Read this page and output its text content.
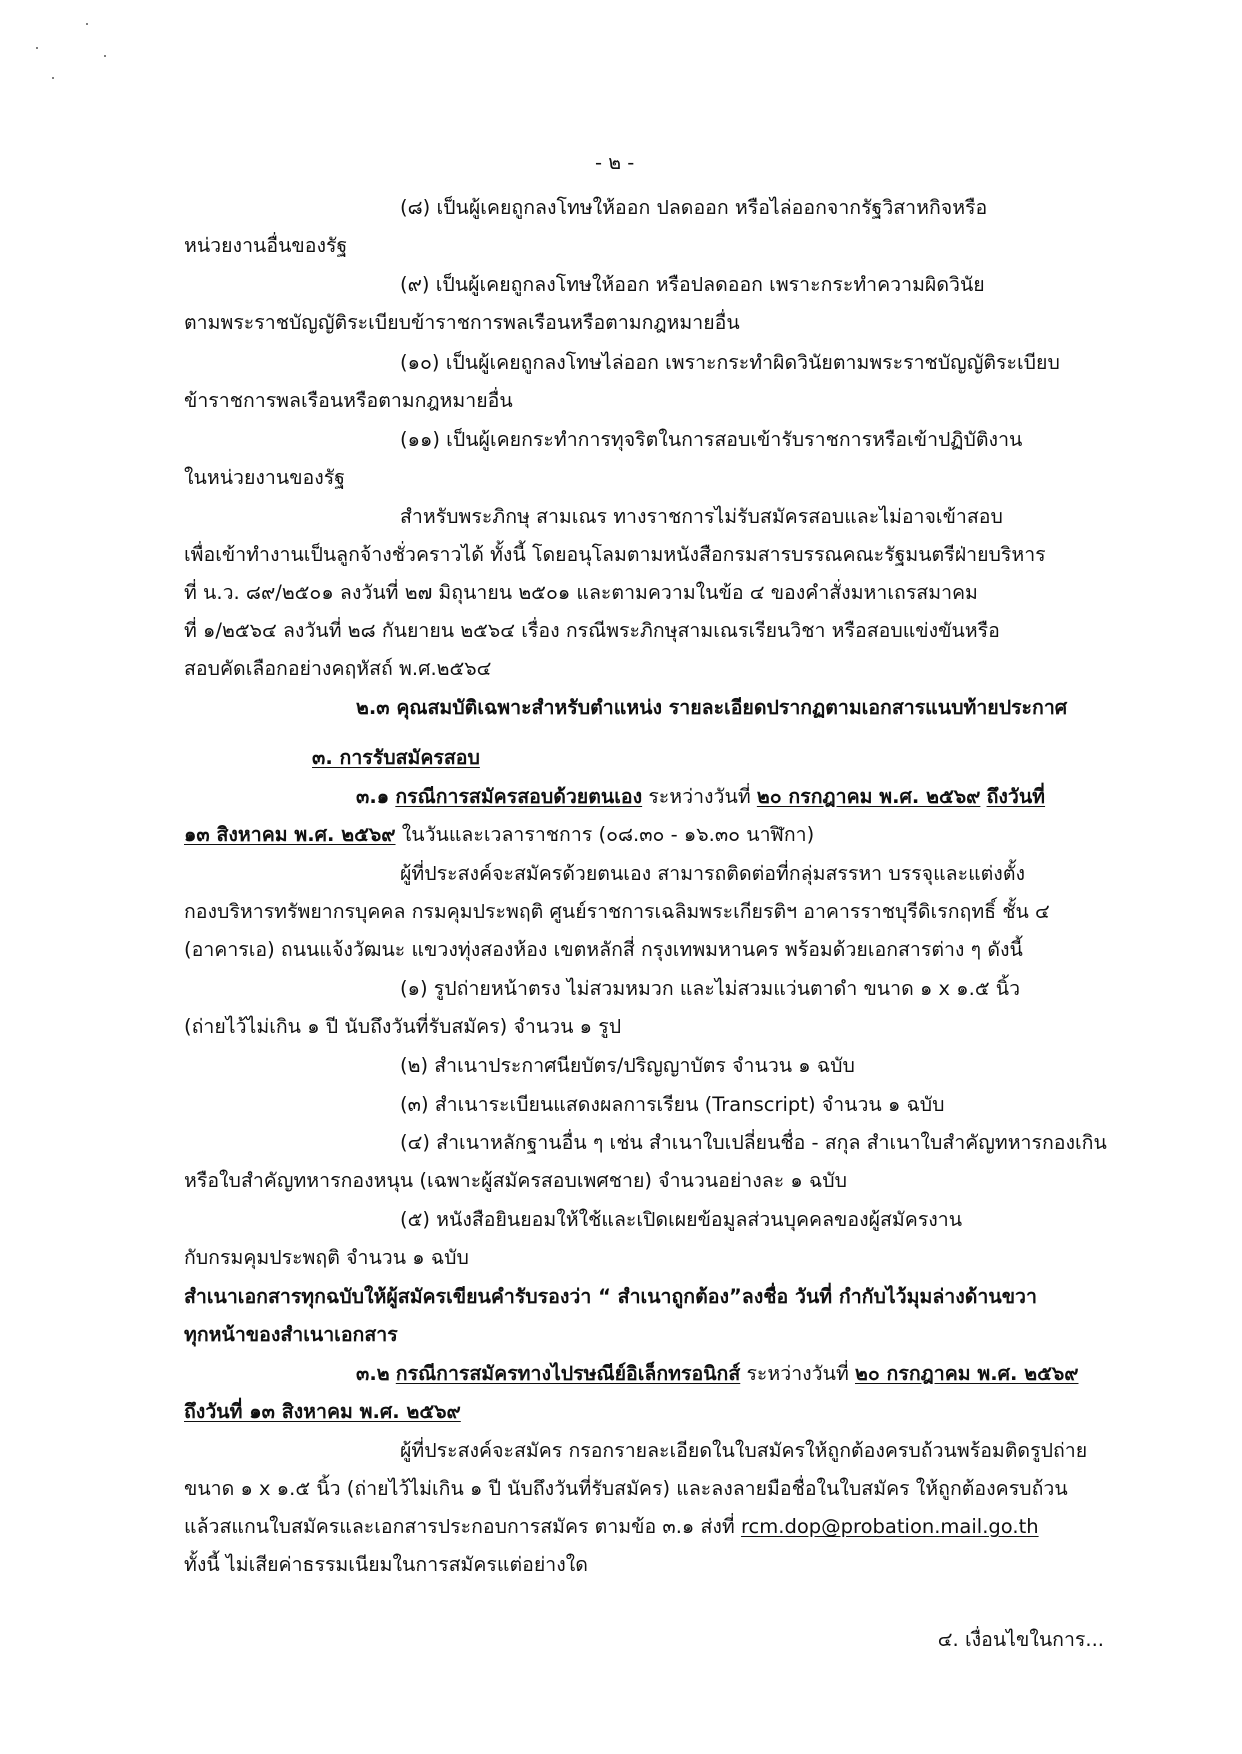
- ๒ -
(๘) เป็นผู้เคยถูกลงโทษให้ออก ปลดออก หรือไล่ออกจากรัฐวิสาหกิจหรือ
หน่วยงานอื่นของรัฐ
(๙) เป็นผู้เคยถูกลงโทษให้ออก หรือปลดออก เพราะกระทำความผิดวินัย
ตามพระราชบัญญัติระเบียบข้าราชการพลเรือนหรือตามกฎหมายอื่น
(๑๐) เป็นผู้เคยถูกลงโทษไล่ออก เพราะกระทำผิดวินัยตามพระราชบัญญัติระเบียบ
ข้าราชการพลเรือนหรือตามกฎหมายอื่น
(๑๑) เป็นผู้เคยกระทำการทุจริตในการสอบเข้ารับราชการหรือเข้าปฏิบัติงาน
ในหน่วยงานของรัฐ
สำหรับพระภิกษุ สามเณร ทางราชการไม่รับสมัครสอบและไม่อาจเข้าสอบ
เพื่อเข้าทำงานเป็นลูกจ้างชั่วคราวได้ ทั้งนี้ โดยอนุโลมตามหนังสือกรมสารบรรณคณะรัฐมนตรีฝ่ายบริหาร
ที่ น.ว. ๘๙/๒๕๐๑ ลงวันที่ ๒๗ มิถุนายน ๒๕๐๑ และตามความในข้อ ๔ ของคำสั่งมหาเถรสมาคม
ที่ ๑/๒๕๖๔ ลงวันที่ ๒๘ กันยายน ๒๕๖๔ เรื่อง กรณีพระภิกษุสามเณรเรียนวิชา หรือสอบแข่งขันหรือ
สอบคัดเลือกอย่างคฤหัสถ์ พ.ศ.๒๕๖๔
๒.๓ คุณสมบัติเฉพาะสำหรับตำแหน่ง รายละเอียดปรากฏตามเอกสารแนบท้ายประกาศ
๓. การรับสมัครสอบ
๓.๑ กรณีการสมัครสอบด้วยตนเอง ระหว่างวันที่ ๒๐ กรกฎาคม พ.ศ. ๒๕๖๙ ถึงวันที่
๑๓ สิงหาคม พ.ศ. ๒๕๖๙ ในวันและเวลาราชการ (๐๘.๓๐ - ๑๖.๓๐ นาฬิกา)
ผู้ที่ประสงค์จะสมัครด้วยตนเอง สามารถติดต่อที่กลุ่มสรรหา บรรจุและแต่งตั้ง
กองบริหารทรัพยากรบุคคล กรมคุมประพฤติ ศูนย์ราชการเฉลิมพระเกียรติฯ อาคารราชบุรีดิเรกฤทธิ์ ชั้น ๔
(อาคารเอ) ถนนแจ้งวัฒนะ แขวงทุ่งสองห้อง เขตหลักสี่ กรุงเทพมหานคร พร้อมด้วยเอกสารต่าง ๆ ดังนี้
(๑) รูปถ่ายหน้าตรง ไม่สวมหมวก และไม่สวมแว่นตาดำ ขนาด ๑ x ๑.๕ นิ้ว
(ถ่ายไว้ไม่เกิน ๑ ปี นับถึงวันที่รับสมัคร) จำนวน ๑ รูป
(๒) สำเนาประกาศนียบัตร/ปริญญาบัตร จำนวน ๑ ฉบับ
(๓) สำเนาระเบียนแสดงผลการเรียน (Transcript) จำนวน ๑ ฉบับ
(๔) สำเนาหลักฐานอื่น ๆ เช่น สำเนาใบเปลี่ยนชื่อ - สกุล สำเนาใบสำคัญทหารกองเกิน
หรือใบสำคัญทหารกองหนุน (เฉพาะผู้สมัครสอบเพศชาย) จำนวนอย่างละ ๑ ฉบับ
(๕) หนังสือยินยอมให้ใช้และเปิดเผยข้อมูลส่วนบุคคลของผู้สมัครงาน
กับกรมคุมประพฤติ จำนวน ๑ ฉบับ
สำเนาเอกสารทุกฉบับให้ผู้สมัครเขียนคำรับรองว่า “ สำเนาถูกต้อง”ลงชื่อ วันที่ กำกับไว้มุมล่างด้านขวา
ทุกหน้าของสำเนาเอกสาร
๓.๒ กรณีการสมัครทางไปรษณีย์อิเล็กทรอนิกส์ ระหว่างวันที่ ๒๐ กรกฎาคม พ.ศ. ๒๕๖๙
ถึงวันที่ ๑๓ สิงหาคม พ.ศ. ๒๕๖๙
ผู้ที่ประสงค์จะสมัคร กรอกรายละเอียดในใบสมัครให้ถูกต้องครบถ้วนพร้อมติดรูปถ่าย
ขนาด ๑ x ๑.๕ นิ้ว (ถ่ายไว้ไม่เกิน ๑ ปี นับถึงวันที่รับสมัคร) และลงลายมือชื่อในใบสมัคร ให้ถูกต้องครบถ้วน
แล้วสแกนใบสมัครและเอกสารประกอบการสมัคร ตามข้อ ๓.๑ ส่งที่ rcm.dop@probation.mail.go.th
ทั้งนี้ ไม่เสียค่าธรรมเนียมในการสมัครแต่อย่างใด
๔. เงื่อนไขในการ...
